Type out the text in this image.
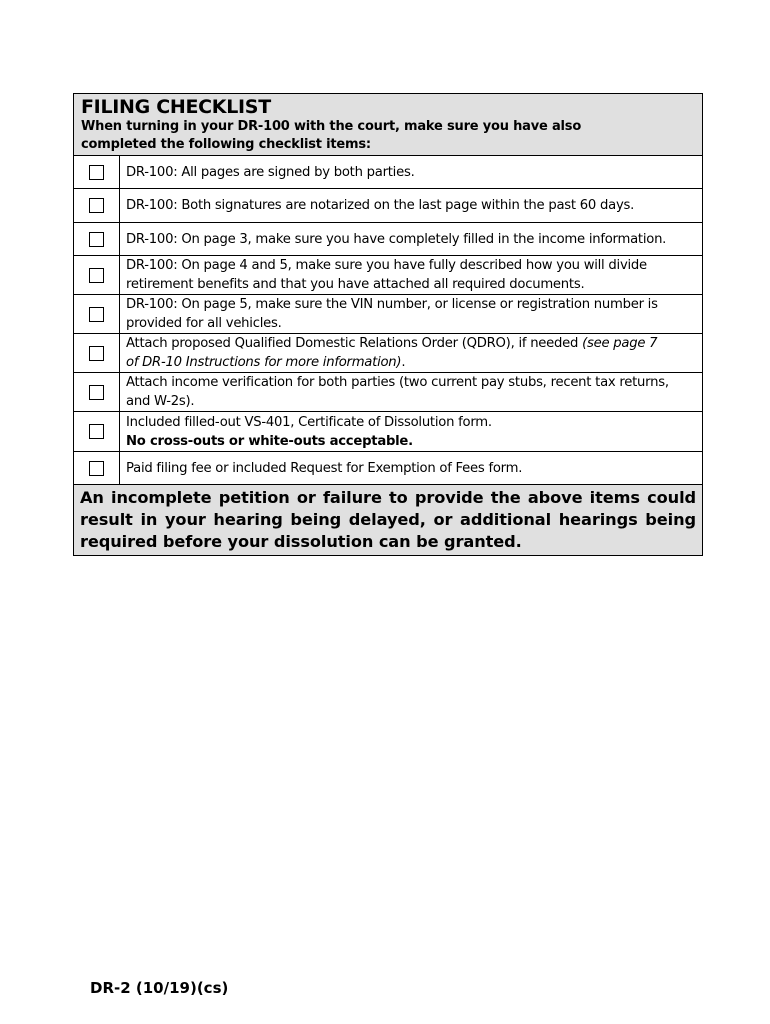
FILING CHECKLIST
When turning in your DR-100 with the court, make sure you have also
completed the following checklist items:
DR-100: All pages are signed by both parties.
DR-100: Both signatures are notarized on the last page within the past 60 days.
DR-100: On page 3, make sure you have completely filled in the income information.
DR-100: On page 4 and 5, make sure you have fully described how you will divide
retirement benefits and that you have attached all required documents.
DR-100: On page 5, make sure the VIN number, or license or registration number is
provided for all vehicles.
Attach proposed Qualified Domestic Relations Order (QDRO), if needed (see page 7
of DR-10 Instructions for more information).
Attach income verification for both parties (two current pay stubs, recent tax returns,
and W-2s).
Included filled-out VS-401, Certificate of Dissolution form.
No cross-outs or white-outs acceptable.
Paid filing fee or included Request for Exemption of Fees form.
An incomplete petition or failure to provide the above items could result in your hearing being delayed, or additional hearings being required before your dissolution can be granted.
DR-2 (10/19)(cs)
